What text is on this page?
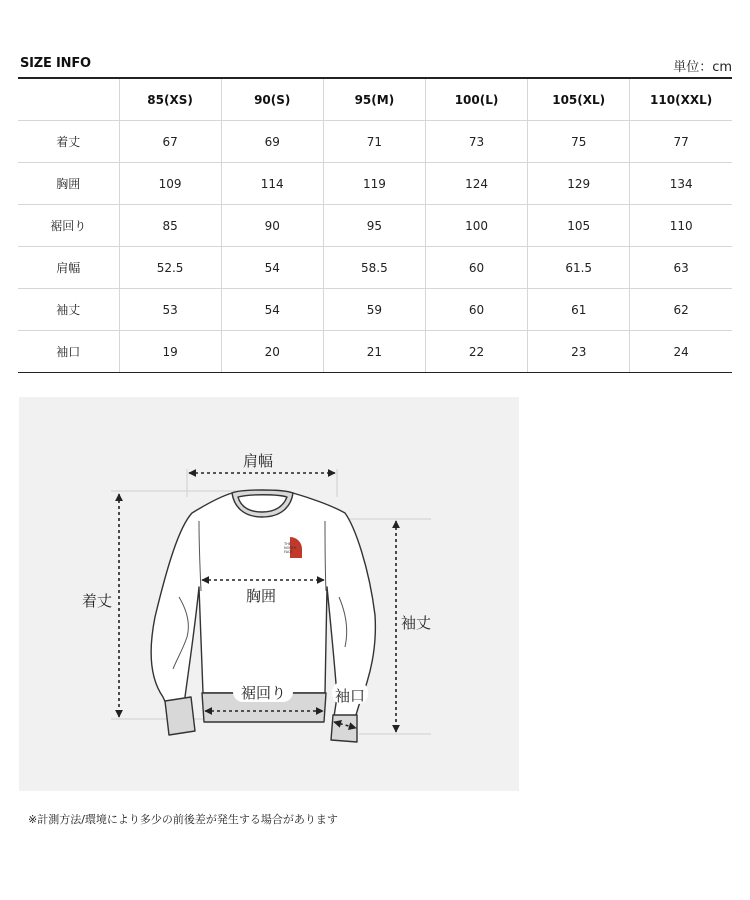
SIZE INFO	単位：cm
	85(XS)	90(S)	95(M)	100(L)	105(XL)	110(XXL)
着丈	67	69	71	73	75	77
胸囲	109	114	119	124	129	134
裾回り	85	90	95	100	105	110
肩幅	52.5	54	58.5	60	61.5	63
袖丈	53	54	59	60	61	62
袖口	19	20	21	22	23	24
THE
NORTH
FACE
肩幅
着丈	胸囲
袖丈
裾回り	袖口
※計測方法/環境により多少の前後差が発生する場合があります
